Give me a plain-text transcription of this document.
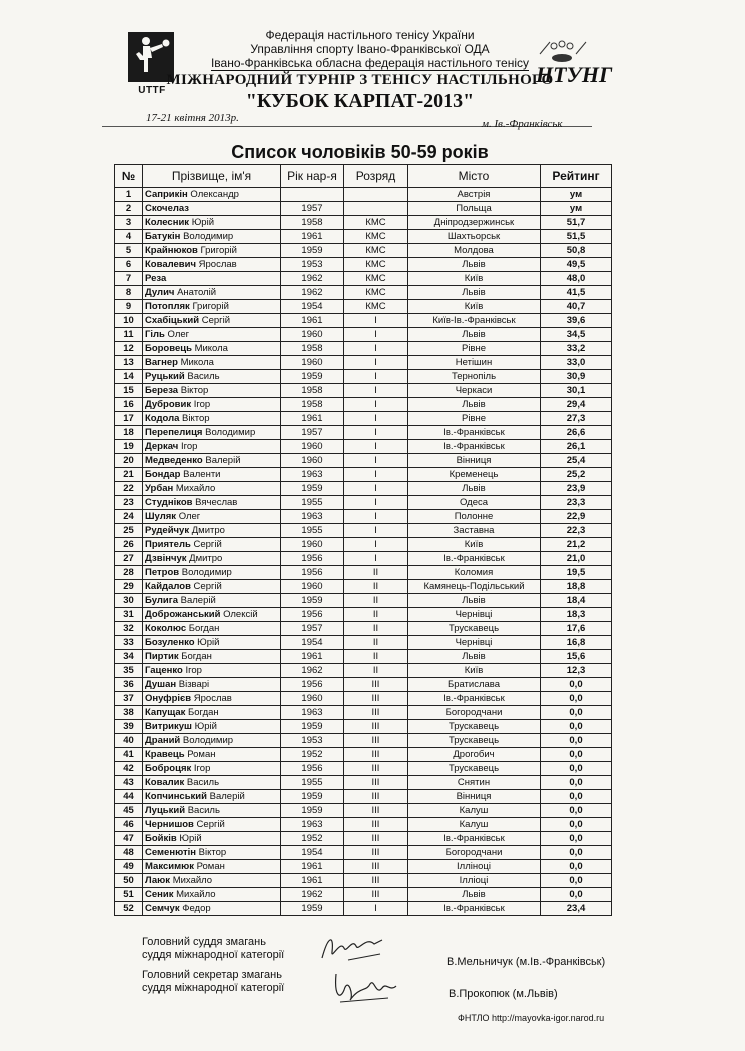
UTTF
Федерація настільного тенісу України
Управління спорту Івано-Франківської ОДА
Івано-Франківська обласна федерація настільного тенісу
МІЖНАРОДНИЙ ТУРНІР З ТЕНІСУ НАСТІЛЬНОГО
"КУБОК КАРПАТ-2013"
НТУНГ
17-21 квітня 2013р.	м. Ів.-Франківськ
Список чоловіків 50-59 років
№	Прізвище, ім'я	Рік нар-я	Розряд	Місто	Рейтинг
1	Саприкін Олександр			Австрія	ум
2	Скочелаз	1957		Польща	ум
3	Колесник Юрій	1958	КМС	Дніпродзержинськ	51,7
4	Батукін Володимир	1961	КМС	Шахтьорськ	51,5
5	Крайнюков Григорій	1959	КМС	Молдова	50,8
6	Ковалевич Ярослав	1953	КМС	Львів	49,5
7	Реза	1962	КМС	Київ	48,0
8	Дулич Анатолій	1962	КМС	Львів	41,5
9	Потопляк Григорій	1954	КМС	Київ	40,7
10	Схабіцький Сергій	1961	I	Київ-Ів.-Франківськ	39,6
11	Гіль Олег	1960	I	Львів	34,5
12	Боровець Микола	1958	I	Рівне	33,2
13	Вагнер Микола	1960	I	Нетішин	33,0
14	Руцький Василь	1959	I	Тернопіль	30,9
15	Береза Віктор	1958	I	Черкаси	30,1
16	Дубровик Ігор	1958	I	Львів	29,4
17	Кодола Віктор	1961	I	Рівне	27,3
18	Перепелиця Володимир	1957	I	Ів.-Франківськ	26,6
19	Деркач Ігор	1960	I	Ів.-Франківськ	26,1
20	Медведенко Валерій	1960	I	Вінниця	25,4
21	Бондар Валенти	1963	I	Кременець	25,2
22	Урбан Михайло	1959	I	Львів	23,9
23	Студніков Вячеслав	1955	I	Одеса	23,3
24	Шуляк Олег	1963	I	Полонне	22,9
25	Рудейчук Дмитро	1955	I	Заставна	22,3
26	Приятель Сергій	1960	I	Київ	21,2
27	Дзвінчук Дмитро	1956	I	Ів.-Франківськ	21,0
28	Петров Володимир	1956	II	Коломия	19,5
29	Кайдалов Сергій	1960	II	Камянець-Подільський	18,8
30	Булига Валерій	1959	II	Львів	18,4
31	Доброжанський Олексій	1956	II	Чернівці	18,3
32	Коколюс Богдан	1957	II	Трускавець	17,6
33	Бозуленко Юрій	1954	II	Чернівці	16,8
34	Пиртик Богдан	1961	II	Львів	15,6
35	Гаценко Ігор	1962	II	Київ	12,3
36	Душан Візварі	1956	III	Братислава	0,0
37	Онуфрієв Ярослав	1960	III	Ів.-Франківськ	0,0
38	Капущак Богдан	1963	III	Богородчани	0,0
39	Витрикуш Юрій	1959	III	Трускавець	0,0
40	Драний Володимир	1953	III	Трускавець	0,0
41	Кравець Роман	1952	III	Дрогобич	0,0
42	Боброцяк Ігор	1956	III	Трускавець	0,0
43	Ковалик Василь	1955	III	Снятин	0,0
44	Копчинський Валерій	1959	III	Вінниця	0,0
45	Луцький Василь	1959	III	Калуш	0,0
46	Чернишов Сергій	1963	III	Калуш	0,0
47	Бойків Юрій	1952	III	Ів.-Франківськ	0,0
48	Семенютін Віктор	1954	III	Богородчани	0,0
49	Максимюк Роман	1961	III	Ілліноці	0,0
50	Лаюк Михайло	1961	III	Ілліоці	0,0
51	Сеник Михайло	1962	III	Львів	0,0
52	Семчук Федор	1959	I	Ів.-Франківськ	23,4
Головний суддя змагань
суддя міжнародної категорії
Головний секретар змагань
суддя міжнародної категорії
В.Мельничук (м.Ів.-Франківськ)
В.Прокопюк (м.Львів)
ФНТЛО http://mayovka-igor.narod.ru
